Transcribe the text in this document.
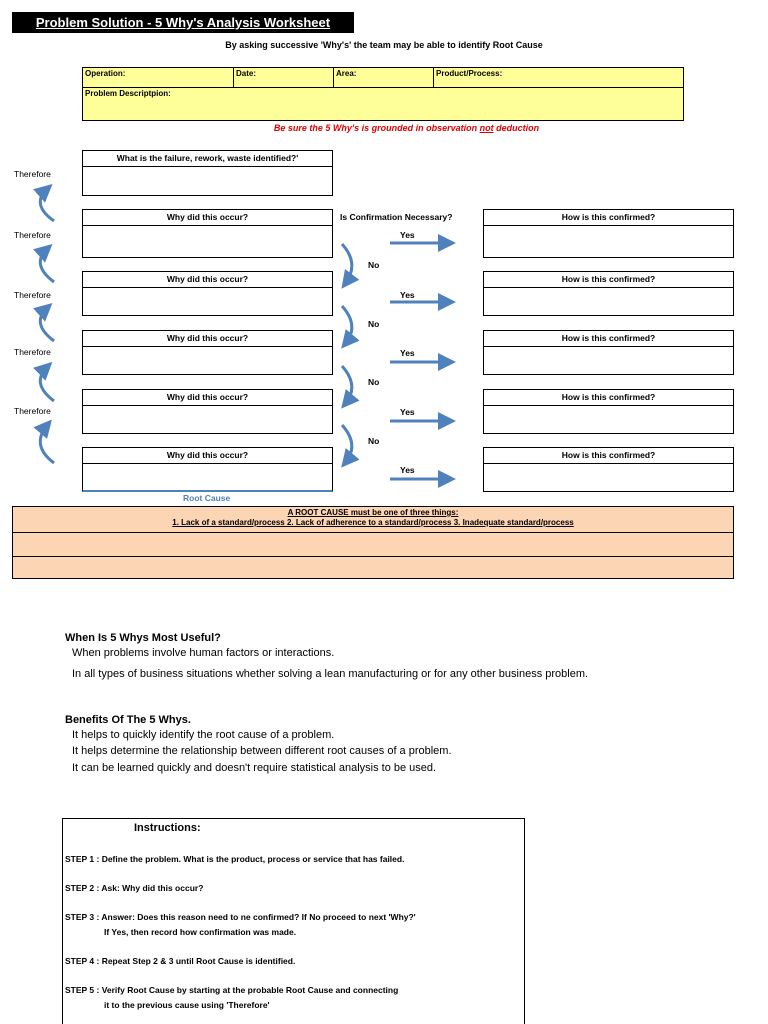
Problem Solution - 5 Why's Analysis Worksheet
By asking successive 'Why's' the team may be able to identify Root Cause
Operation:	Date:	Area:	Product/Process:
Problem Descriptpion:
Be sure the 5 Why's is grounded in observation not deduction
What is the failure, rework, waste identified?'
Why did this occur?
Why did this occur?
Why did this occur?
Why did this occur?
Why did this occur?
How is this confirmed?
How is this confirmed?
How is this confirmed?
How is this confirmed?
How is this confirmed?
Is Confirmation Necessary?
Therefore
Therefore
Therefore
Therefore
Therefore
Yes
Yes
Yes
Yes
Yes
No
No
No
No
Root Cause
A ROOT CAUSE must be one of three things:
1. Lack of a standard/process 2. Lack of adherence to a standard/process 3. Inadequate standard/process
When Is 5 Whys Most Useful?
When problems involve human factors or interactions.
In all types of business situations whether solving a lean manufacturing or for any other business problem.
Benefits Of The 5 Whys.
It helps to quickly identify the root cause of a problem.
It helps determine the relationship between different root causes of a problem.
It can be learned quickly and doesn't require statistical analysis to be used.
Instructions:
STEP 1 : Define the problem. What is the product, process or service that has failed.
STEP 2 : Ask: Why did this occur?
STEP 3 : Answer: Does this reason need to ne confirmed? If No proceed to next 'Why?'
If Yes, then record how confirmation was made.
STEP 4 : Repeat Step 2 & 3 until Root Cause is identified.
STEP 5 : Verify Root Cause by starting at the probable Root Cause and connecting
it to the previous cause using 'Therefore'
